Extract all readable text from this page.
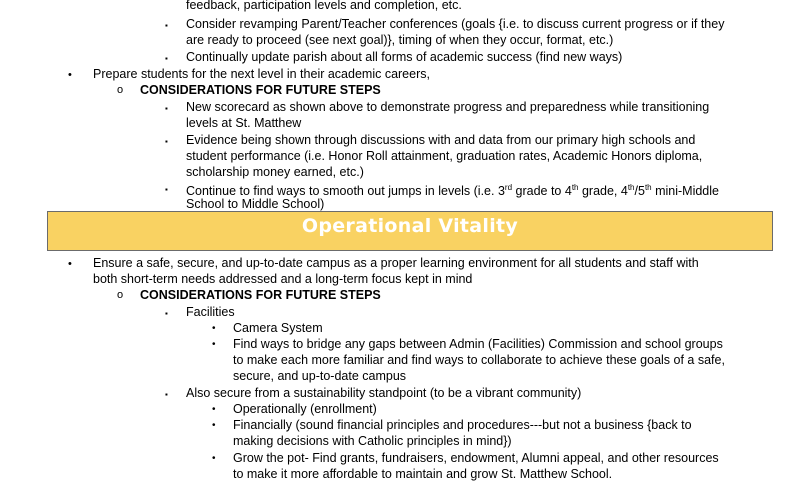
feedback, participation levels and completion, etc.
▪ Consider revamping Parent/Teacher conferences (goals {i.e. to discuss current progress or if they
are ready to proceed (see next goal)}, timing of when they occur, format, etc.)
▪ Continually update parish about all forms of academic success (find new ways)
• Prepare students for the next level in their academic careers,
o CONSIDERATIONS FOR FUTURE STEPS
▪ New scorecard as shown above to demonstrate progress and preparedness while transitioning
levels at St. Matthew
▪ Evidence being shown through discussions with and data from our primary high schools and
student performance (i.e. Honor Roll attainment, graduation rates, Academic Honors diploma,
scholarship money earned, etc.)
▪ Continue to find ways to smooth out jumps in levels (i.e. 3rd grade to 4th grade, 4th/5th mini-Middle
School to Middle School)
Operational Vitality
• Ensure a safe, secure, and up-to-date campus as a proper learning environment for all students and staff with
both short-term needs addressed and a long-term focus kept in mind
o CONSIDERATIONS FOR FUTURE STEPS
▪ Facilities
• Camera System
• Find ways to bridge any gaps between Admin (Facilities) Commission and school groups
to make each more familiar and find ways to collaborate to achieve these goals of a safe,
secure, and up-to-date campus
▪ Also secure from a sustainability standpoint (to be a vibrant community)
• Operationally (enrollment)
• Financially (sound financial principles and procedures---but not a business {back to
making decisions with Catholic principles in mind})
• Grow the pot- Find grants, fundraisers, endowment, Alumni appeal, and other resources
to make it more affordable to maintain and grow St. Matthew School.
